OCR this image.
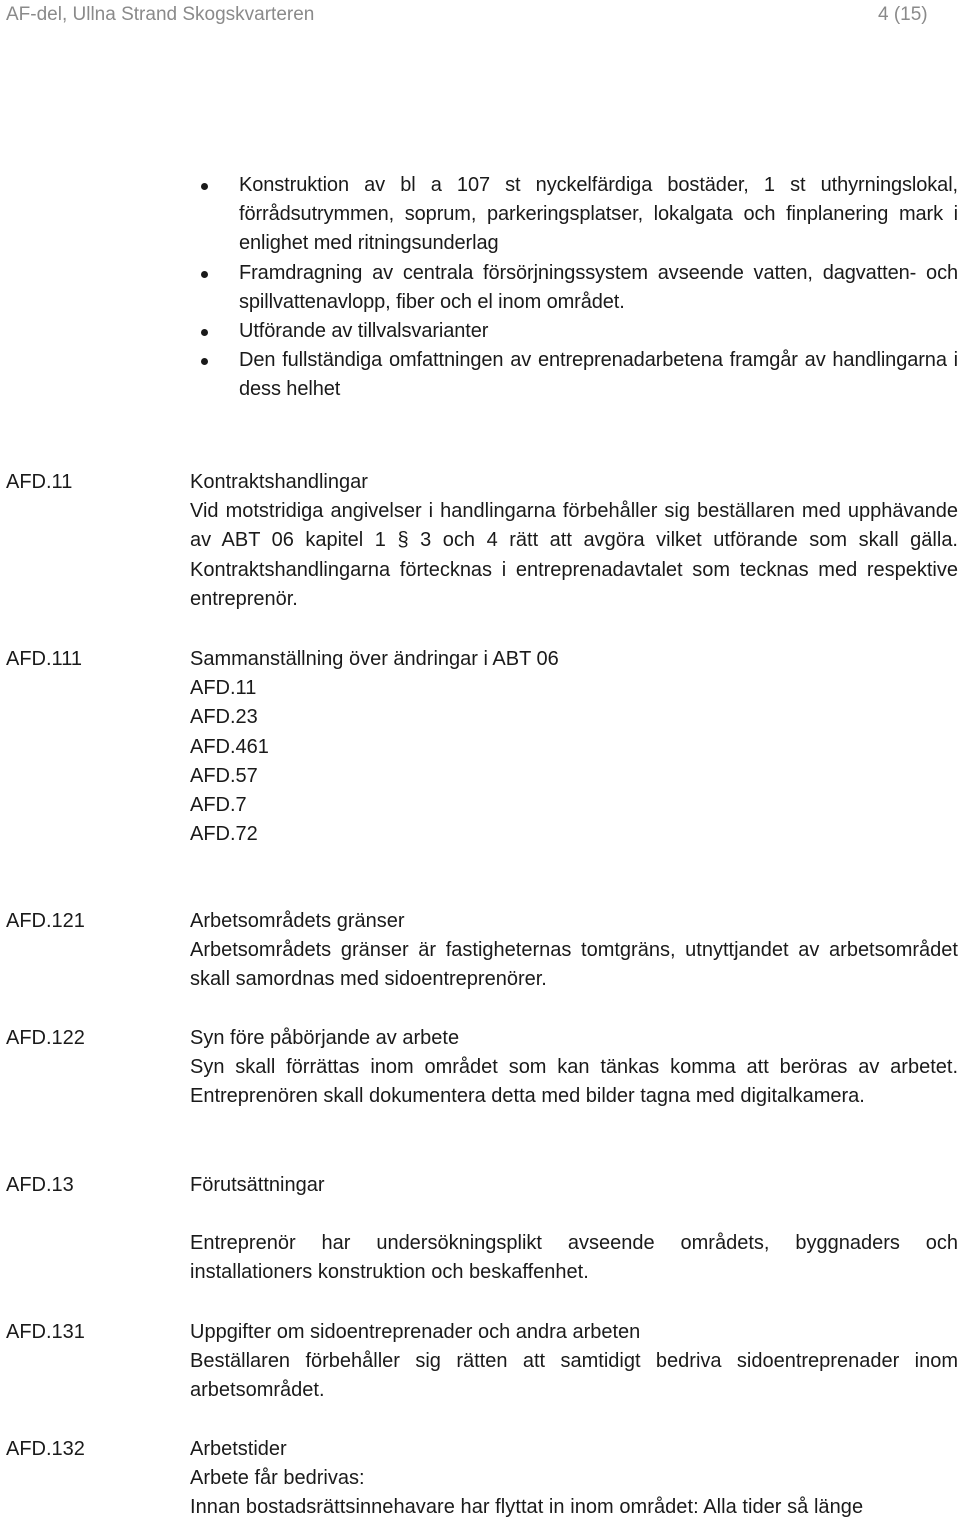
AF-del, Ullna Strand Skogskvarteren	4 (15)
Konstruktion av bl a 107 st nyckelfärdiga bostäder, 1 st uthyrningslokal, förrådsutrymmen, soprum, parkeringsplatser, lokalgata och finplanering mark i enlighet med ritningsunderlag
Framdragning av centrala försörjningssystem avseende vatten, dagvatten- och spillvattenavlopp, fiber och el inom området.
Utförande av tillvalsvarianter
Den fullständiga omfattningen av entreprenadarbetena framgår av handlingarna i dess helhet
AFD.11	Kontraktshandlingar

Vid motstridiga angivelser i handlingarna förbehåller sig beställaren med upphävande av ABT 06 kapitel 1 § 3 och 4 rätt att avgöra vilket utförande som skall gälla. Kontraktshandlingarna förtecknas i entreprenadavtalet som tecknas med respektive entreprenör.

AFD.111	Sammanställning över ändringar i ABT 06
AFD.11
AFD.23
AFD.461
AFD.57
AFD.7
AFD.72
AFD.121	Arbetsområdets gränser

Arbetsområdets gränser är fastigheternas tomtgräns, utnyttjandet av arbetsområdet skall samordnas med sidoentreprenörer.

AFD.122	Syn före påbörjande av arbete

Syn skall förrättas inom området som kan tänkas komma att beröras av arbetet. Entreprenören skall dokumentera detta med bilder tagna med digitalkamera.

AFD.13	Förutsättningar

Entreprenör har undersökningsplikt avseende områdets, byggnaders och installationers konstruktion och beskaffenhet.

AFD.131	Uppgifter om sidoentreprenader och andra arbeten

Beställaren förbehåller sig rätten att samtidigt bedriva sidoentreprenader inom arbetsområdet.

AFD.132	Arbetstider
Arbete får bedrivas:
Innan bostadsrättsinnehavare har flyttat in inom området: Alla tider så länge
